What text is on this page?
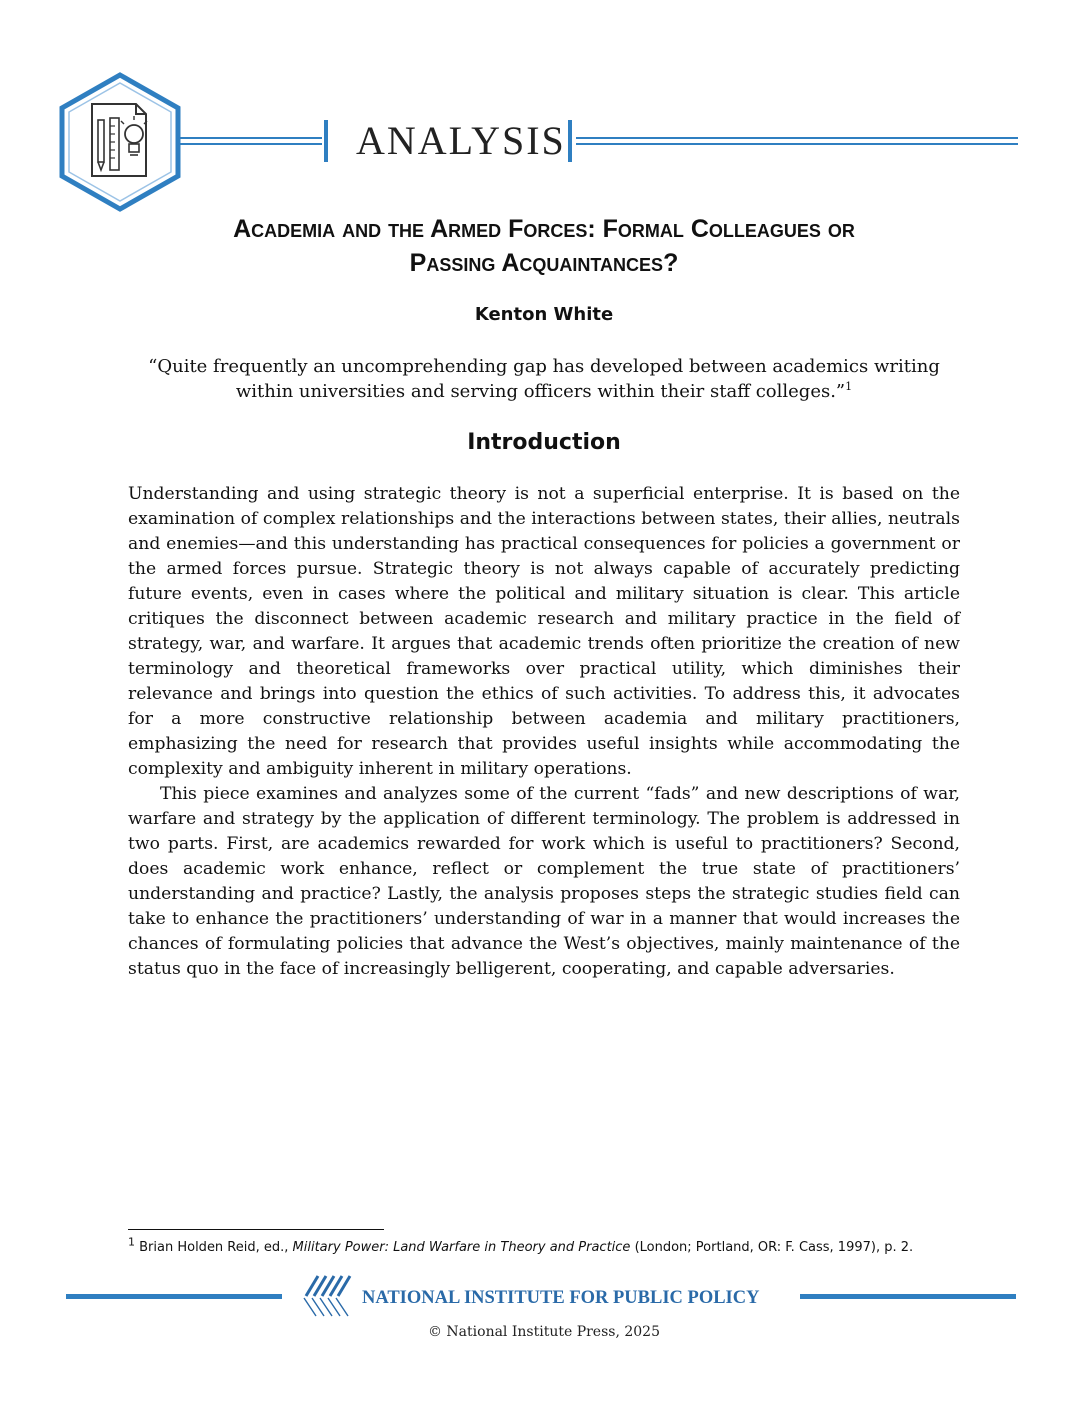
ANALYSIS
Academia and the Armed Forces: Formal Colleagues or
Passing Acquaintances?
Kenton White
“Quite frequently an uncomprehending gap has developed between academics writing
within universities and serving officers within their staff colleges.”$^1$
Introduction

Understanding and using strategic theory is not a superficial enterprise. It is based on the examination of complex relationships and the interactions between states, their allies, neutrals and enemies—and this understanding has practical consequences for policies a government or the armed forces pursue. Strategic theory is not always capable of accurately predicting future events, even in cases where the political and military situation is clear. This article critiques the disconnect between academic research and military practice in the field of strategy, war, and warfare. It argues that academic trends often prioritize the creation of new terminology and theoretical frameworks over practical utility, which diminishes their relevance and brings into question the ethics of such activities. To address this, it advocates for a more constructive relationship between academia and military practitioners, emphasizing the need for research that provides useful insights while accommodating the complexity and ambiguity inherent in military operations.

This piece examines and analyzes some of the current “fads” and new descriptions of war, warfare and strategy by the application of different terminology. The problem is addressed in two parts. First, are academics rewarded for work which is useful to practitioners? Second, does academic work enhance, reflect or complement the true state of practitioners’ understanding and practice? Lastly, the analysis proposes steps the strategic studies field can take to enhance the practitioners’ understanding of war in a manner that would increases the chances of formulating policies that advance the West’s objectives, mainly maintenance of the status quo in the face of increasingly belligerent, cooperating, and capable adversaries.

$^1$ Brian Holden Reid, ed., Military Power: Land Warfare in Theory and Practice (London; Portland, OR: F. Cass, 1997), p. 2.
NATIONAL INSTITUTE FOR PUBLIC POLICY
© National Institute Press, 2025
